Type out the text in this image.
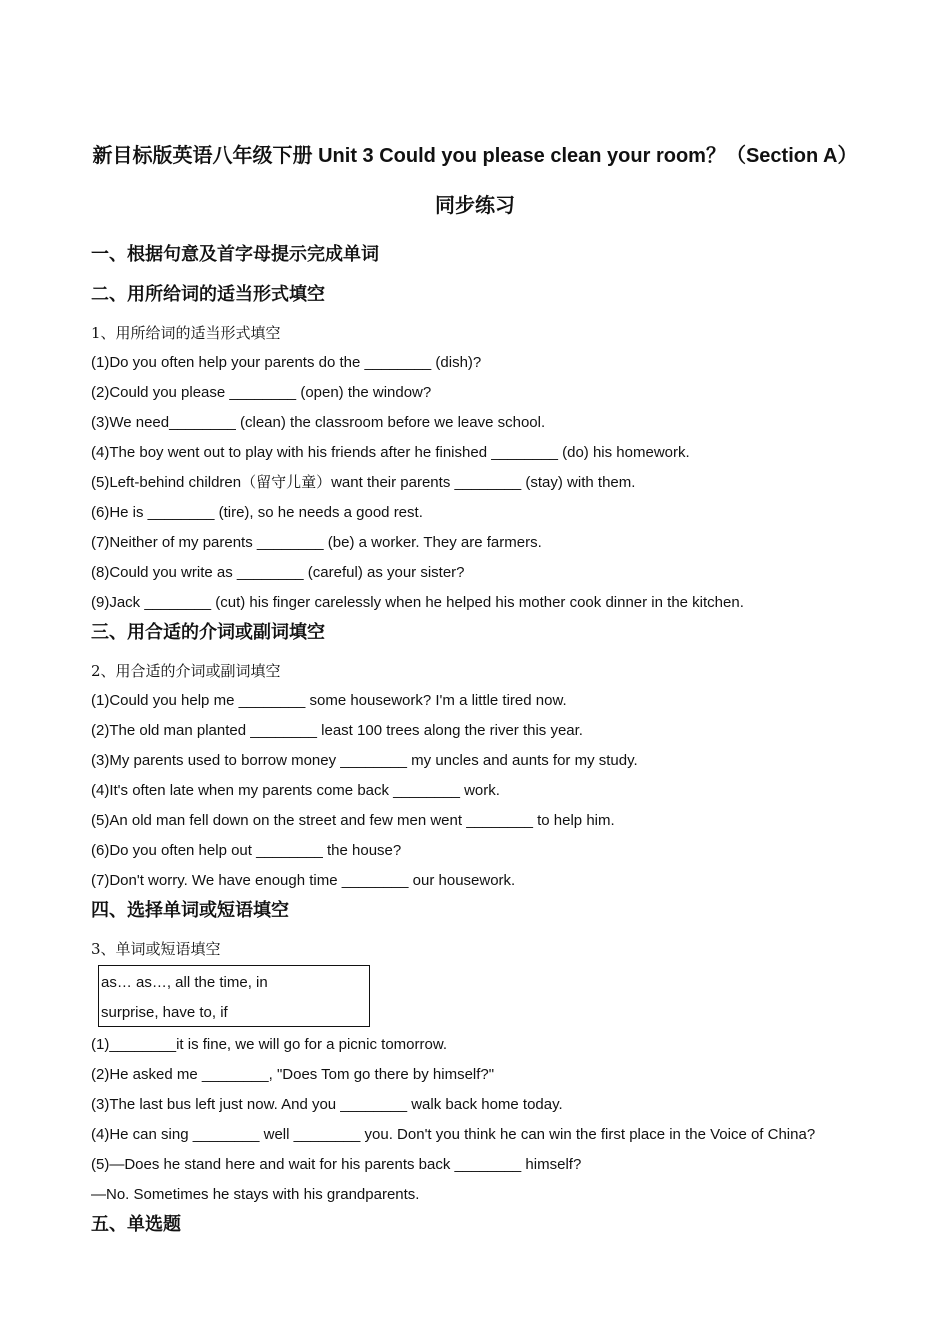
新目标版英语八年级下册 Unit 3 Could you please clean your room？（Section A）
同步练习
一、根据句意及首字母提示完成单词
二、用所给词的适当形式填空
1、用所给词的适当形式填空
(1)Do you often help your parents do the ________ (dish)?
(2)Could you please ________ (open) the window?
(3)We need________ (clean) the classroom before we leave school.
(4)The boy went out to play with his friends after he finished ________ (do) his homework.
(5)Left-behind children（留守儿童）want their parents ________ (stay) with them.
(6)He is ________ (tire), so he needs a good rest.
(7)Neither of my parents ________ (be) a worker. They are farmers.
(8)Could you write as ________ (careful) as your sister?
(9)Jack ________ (cut) his finger carelessly when he helped his mother cook dinner in the kitchen.
三、用合适的介词或副词填空
2、用合适的介词或副词填空
(1)Could you help me ________ some housework? I'm a little tired now.
(2)The old man planted ________ least 100 trees along the river this year.
(3)My parents used to borrow money ________ my uncles and aunts for my study.
(4)It's often late when my parents come back ________ work.
(5)An old man fell down on the street and few men went ________ to help him.
(6)Do you often help out ________ the house?
(7)Don't worry. We have enough time ________ our housework.
四、选择单词或短语填空
3、单词或短语填空
as… as…, all the time, in
surprise, have to, if
(1)________it is fine, we will go for a picnic tomorrow.
(2)He asked me ________, "Does Tom go there by himself?"
(3)The last bus left just now. And you ________ walk back home today.
(4)He can sing ________ well ________ you. Don't you think he can win the first place in the Voice of China?
(5)—Does he stand here and wait for his parents back ________ himself?
—No. Sometimes he stays with his grandparents.
五、单选题
